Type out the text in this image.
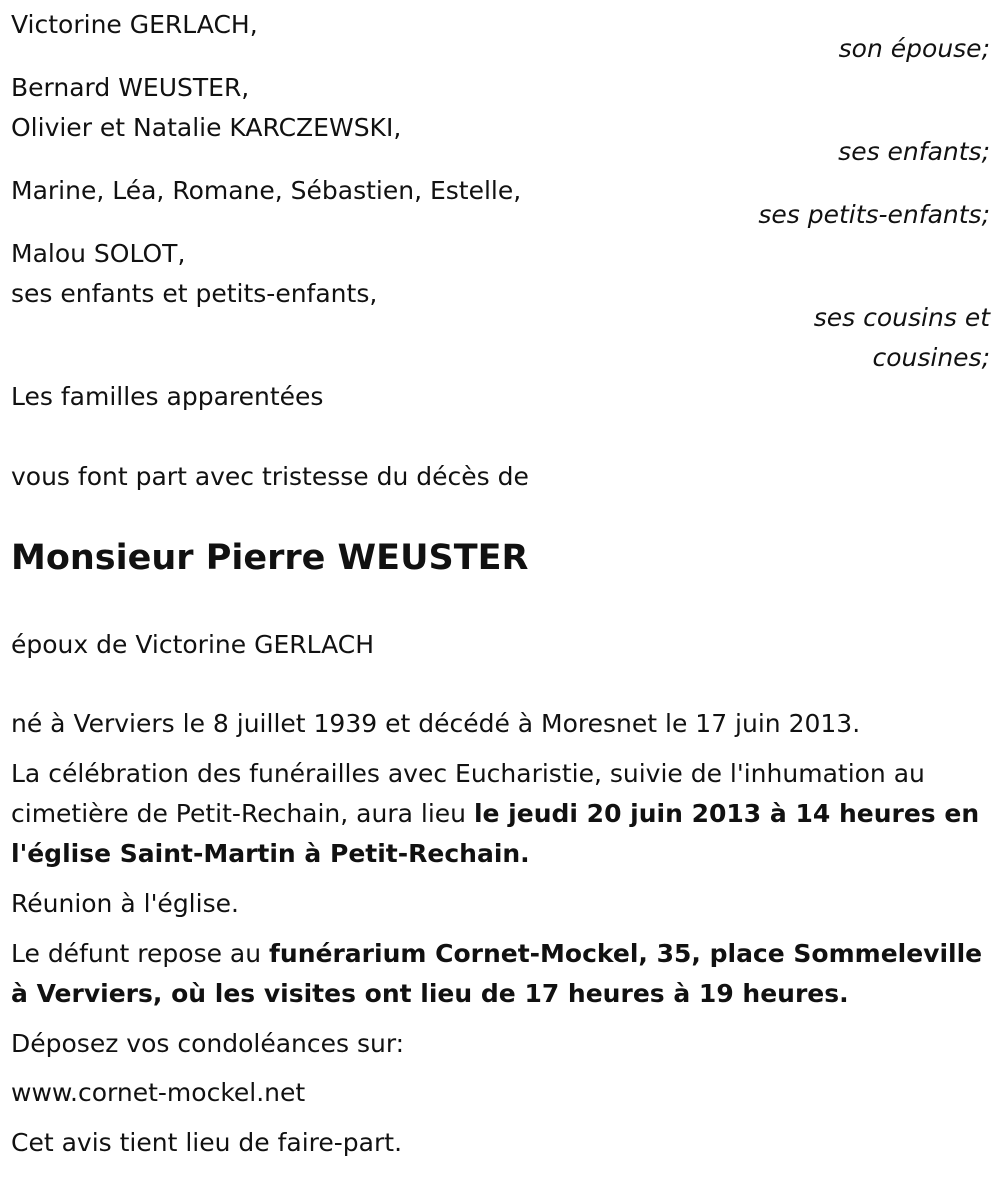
Victorine GERLACH,
son épouse;
Bernard WEUSTER,
Olivier et Natalie KARCZEWSKI,
ses enfants;
Marine, Léa, Romane, Sébastien, Estelle,
ses petits-enfants;
Malou SOLOT,
ses enfants et petits-enfants,
ses cousins et
cousines;
Les familles apparentées
vous font part avec tristesse du décès de
Monsieur Pierre WEUSTER
époux de Victorine GERLACH
né à Verviers le 8 juillet 1939 et décédé à Moresnet le 17 juin 2013.
La célébration des funérailles avec Eucharistie, suivie de l'inhumation au
cimetière de Petit-Rechain, aura lieu le jeudi 20 juin 2013 à 14 heures en
l'église Saint-Martin à Petit-Rechain.
Réunion à l'église.
Le défunt repose au funérarium Cornet-Mockel, 35, place Sommeleville
à Verviers, où les visites ont lieu de 17 heures à 19 heures.
Déposez vos condoléances sur:
www.cornet-mockel.net
Cet avis tient lieu de faire-part.
